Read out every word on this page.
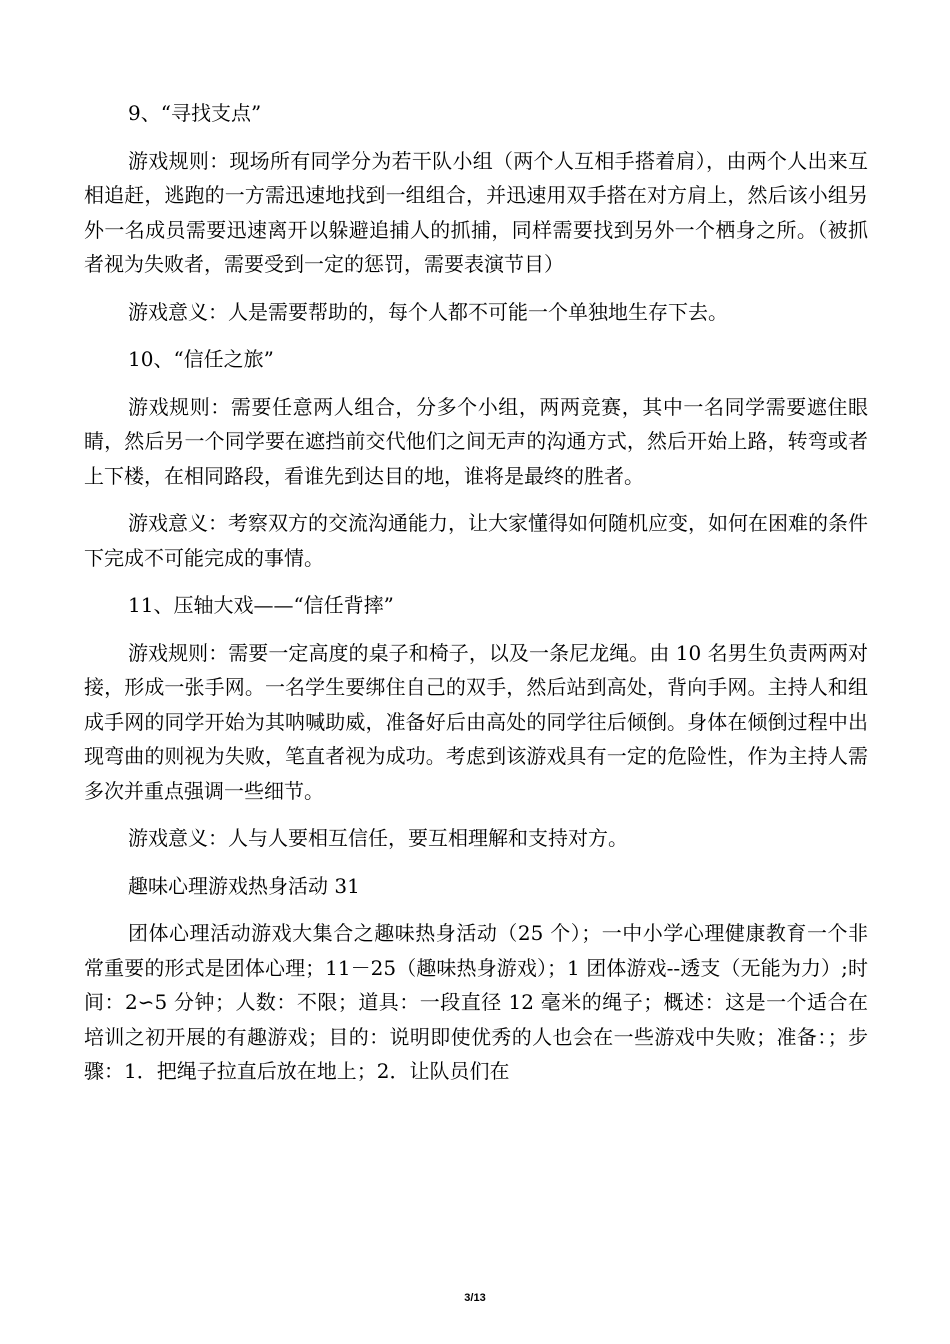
9、“寻找支点”

游戏规则：现场所有同学分为若干队小组（两个人互相手搭着肩），由两个人出来互相追赶，逃跑的一方需迅速地找到一组组合，并迅速用双手搭在对方肩上，然后该小组另外一名成员需要迅速离开以躲避追捕人的抓捕，同样需要找到另外一个栖身之所。（被抓者视为失败者，需要受到一定的惩罚，需要表演节目）

游戏意义：人是需要帮助的，每个人都不可能一个单独地生存下去。

10、“信任之旅”

游戏规则：需要任意两人组合，分多个小组，两两竞赛，其中一名同学需要遮住眼睛，然后另一个同学要在遮挡前交代他们之间无声的沟通方式，然后开始上路，转弯或者上下楼，在相同路段，看谁先到达目的地，谁将是最终的胜者。

游戏意义：考察双方的交流沟通能力，让大家懂得如何随机应变，如何在困难的条件下完成不可能完成的事情。

11、压轴大戏——“信任背摔”

游戏规则：需要一定高度的桌子和椅子，以及一条尼龙绳。由 10 名男生负责两两对接，形成一张手网。一名学生要绑住自己的双手，然后站到高处，背向手网。主持人和组成手网的同学开始为其呐喊助威，准备好后由高处的同学往后倾倒。身体在倾倒过程中出现弯曲的则视为失败，笔直者视为成功。考虑到该游戏具有一定的危险性，作为主持人需多次并重点强调一些细节。

游戏意义：人与人要相互信任，要互相理解和支持对方。

趣味心理游戏热身活动 31

团体心理活动游戏大集合之趣味热身活动（25 个）；一中小学心理健康教育一个非常重要的形式是团体心理；11－25（趣味热身游戏）；1 团体游戏--透支（无能为力）;时间：2∽5 分钟；人数：不限；道具：一段直径 12 毫米的绳子；概述：这是一个适合在培训之初开展的有趣游戏；目的：说明即使优秀的人也会在一些游戏中失败；准备：；步骤：1．把绳子拉直后放在地上；2．让队员们在

3/13
